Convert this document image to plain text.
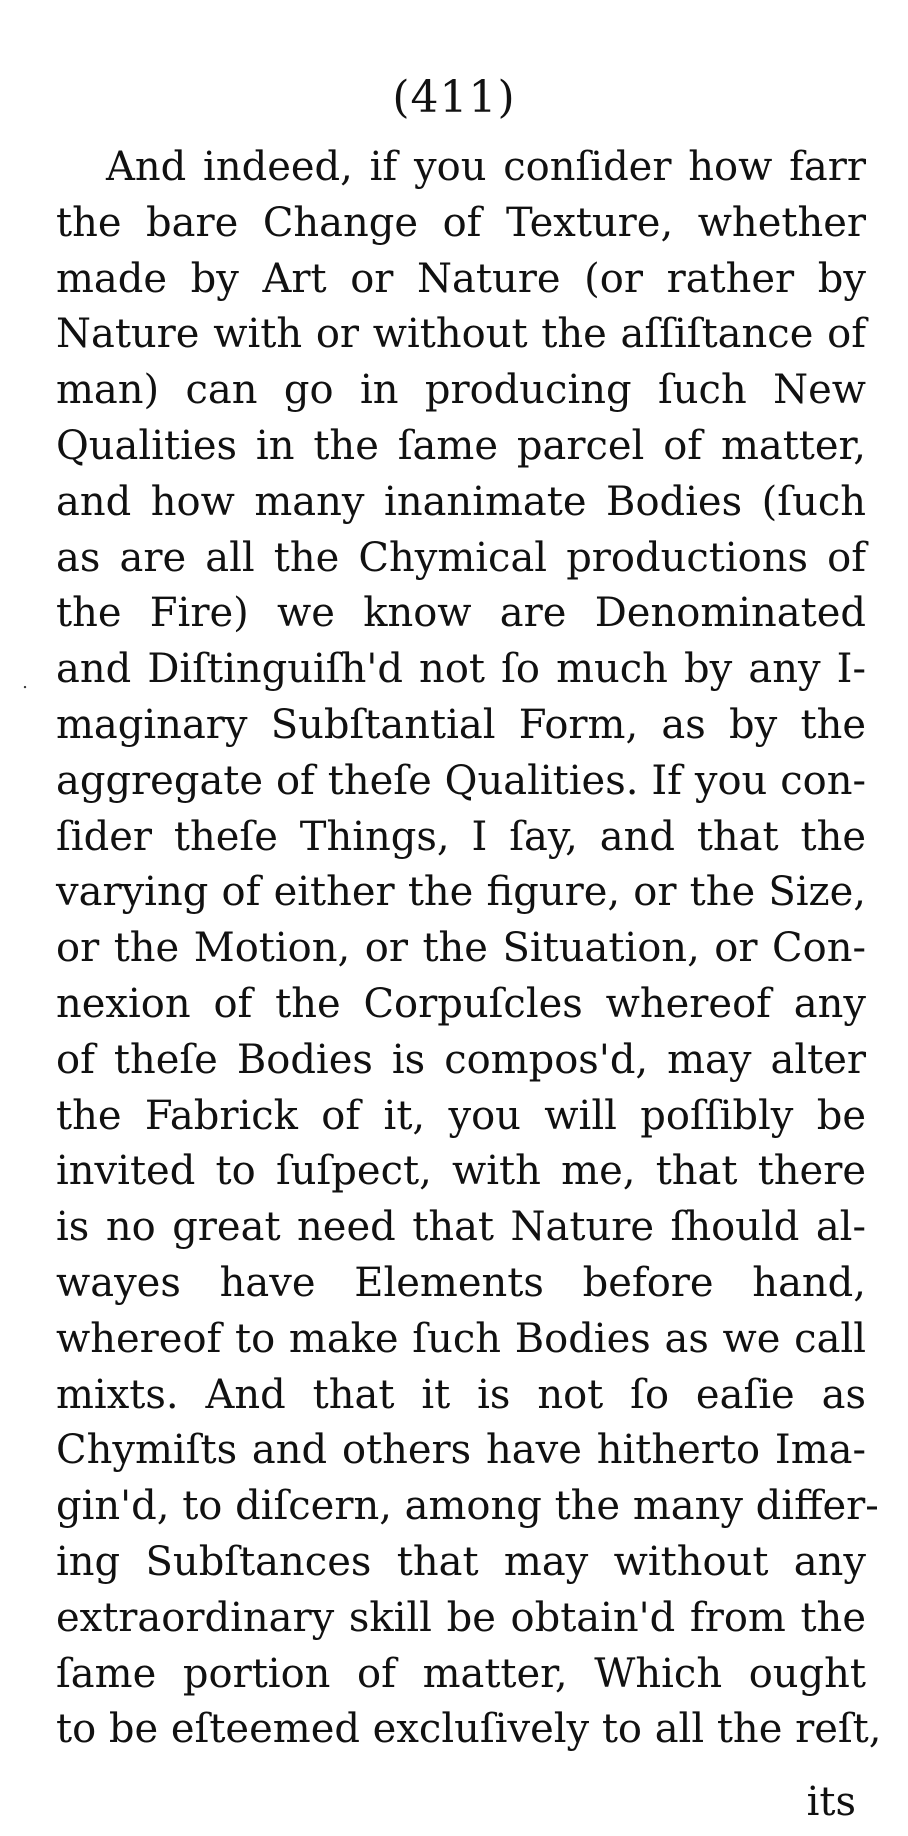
(411)
․
And indeed, if you conſider how farr
the bare Change of Texture, whether
made by Art or Nature (or rather by
Nature with or without the aſſiſtance of
man) can go in producing ſuch New
Qualities in the ſame parcel of matter,
and how many inanimate Bodies (ſuch
as are all the Chymical productions of
the Fire) we know are Denominated
and Diſtinguiſh'd not ſo much by any I-
maginary Subſtantial Form, as by the
aggregate of theſe Qualities. If you con-
ſider theſe Things, I ſay, and that the
varying of either the figure, or the Size,
or the Motion, or the Situation, or Con-
nexion of the Corpuſcles whereof any
of theſe Bodies is compos'd, may alter
the Fabrick of it, you will poſſibly be
invited to ſuſpect, with me, that there
is no great need that Nature ſhould al-
wayes have Elements before hand,
whereof to make ſuch Bodies as we call
mixts. And that it is not ſo eaſie as
Chymiſts and others have hitherto Ima-
gin'd, to diſcern, among the many differ-
ing Subſtances that may without any
extraordinary skill be obtain'd from the
ſame portion of matter, Which ought
to be eſteemed excluſively to all the reſt,
its
